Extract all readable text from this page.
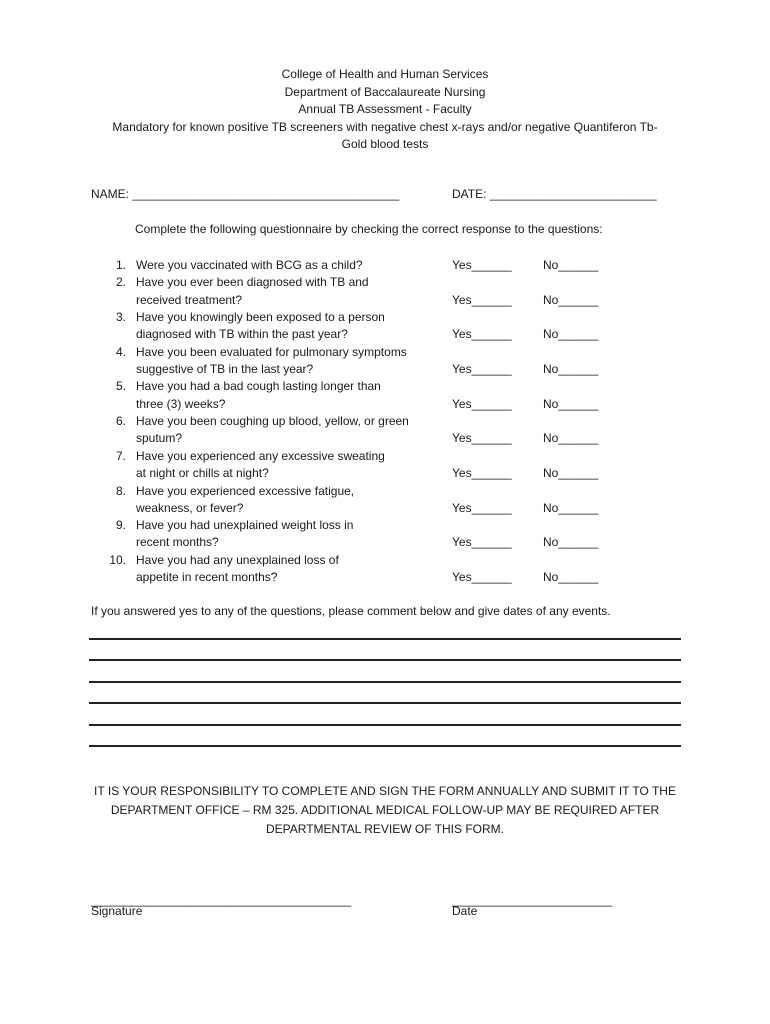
College of Health and Human Services
Department of Baccalaureate Nursing
Annual TB Assessment - Faculty
Mandatory for known positive TB screeners with negative chest x-rays and/or negative Quantiferon Tb-
Gold blood tests
NAME: ________________________________________	DATE: _________________________
Complete the following questionnaire by checking the correct response to the questions:
1. Were you vaccinated with BCG as a child?	Yes______	No______
2. Have you ever been diagnosed with TB and
received treatment?	Yes______	No______
3. Have you knowingly been exposed to a person
diagnosed with TB within the past year?	Yes______	No______
4. Have you been evaluated for pulmonary symptoms
suggestive of TB in the last year?	Yes______	No______
5. Have you had a bad cough lasting longer than
three (3) weeks?	Yes______	No______
6. Have you been coughing up blood, yellow, or green
sputum?	Yes______	No______
7. Have you experienced any excessive sweating
at night or chills at night?	Yes______	No______
8. Have you experienced excessive fatigue,
weakness, or fever?	Yes______	No______
9. Have you had unexplained weight loss in
recent months?	Yes______	No______
10. Have you had any unexplained loss of
appetite in recent months?	Yes______	No______
If you answered yes to any of the questions, please comment below and give dates of any events.
IT IS YOUR RESPONSIBILITY TO COMPLETE AND SIGN THE FORM ANNUALLY AND SUBMIT IT TO THE
DEPARTMENT OFFICE – RM 325. ADDITIONAL MEDICAL FOLLOW-UP MAY BE REQUIRED AFTER
DEPARTMENTAL REVIEW OF THIS FORM.
_______________________________________
Signature
________________________
Date
